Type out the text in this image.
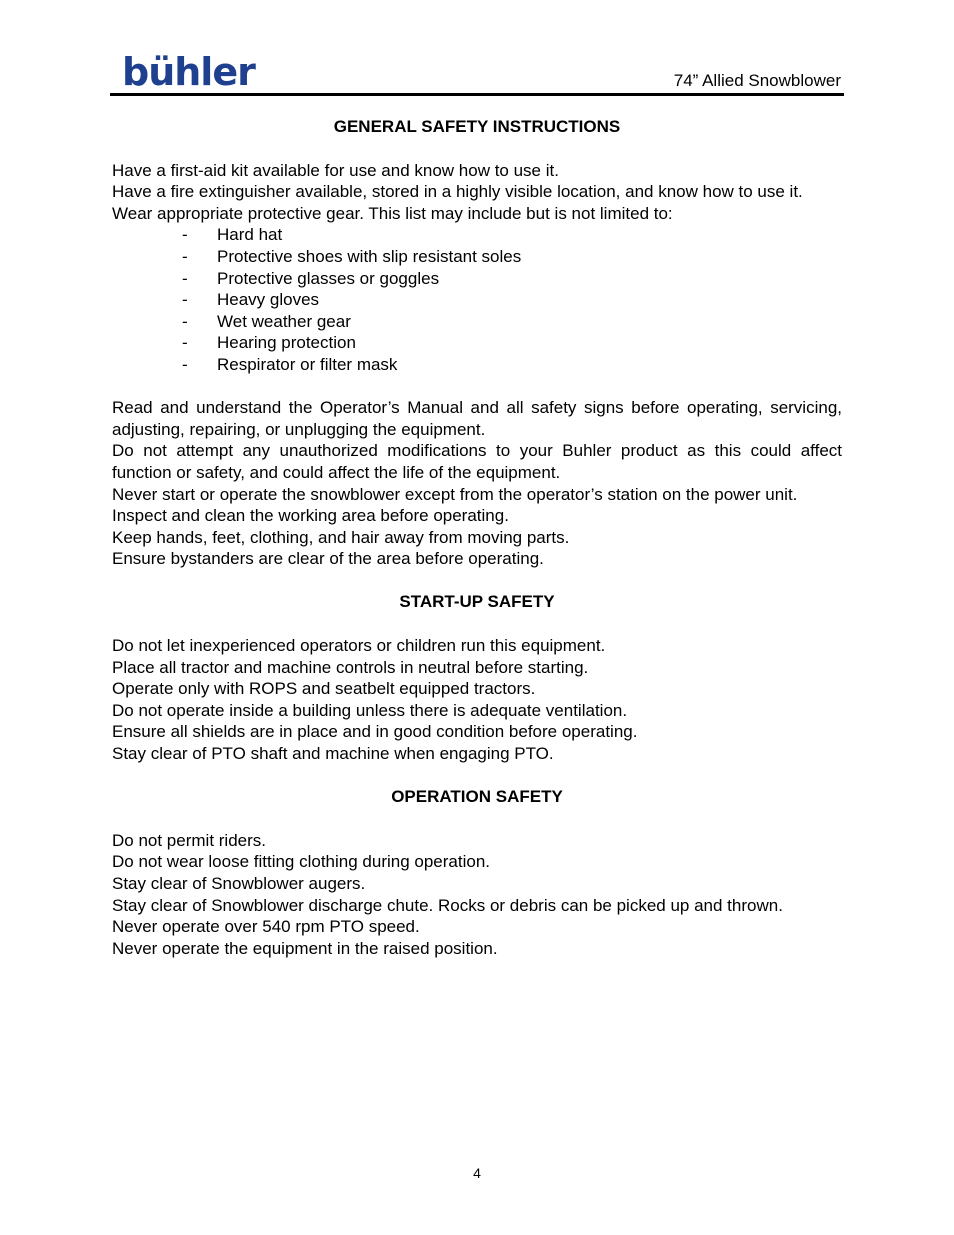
bühler	74” Allied Snowblower
GENERAL SAFETY INSTRUCTIONS

Have a first-aid kit available for use and know how to use it.

Have a fire extinguisher available, stored in a highly visible location, and know how to use it.

Wear appropriate protective gear. This list may include but is not limited to:

- Hard hat
- Protective shoes with slip resistant soles
- Protective glasses or goggles
- Heavy gloves
- Wet weather gear
- Hearing protection
- Respirator or filter mask

Read and understand the Operator’s Manual and all safety signs before operating, servicing, adjusting, repairing, or unplugging the equipment.

Do not attempt any unauthorized modifications to your Buhler product as this could affect function or safety, and could affect the life of the equipment.

Never start or operate the snowblower except from the operator’s station on the power unit.

Inspect and clean the working area before operating.

Keep hands, feet, clothing, and hair away from moving parts.

Ensure bystanders are clear of the area before operating.

START-UP SAFETY

Do not let inexperienced operators or children run this equipment.

Place all tractor and machine controls in neutral before starting.

Operate only with ROPS and seatbelt equipped tractors.

Do not operate inside a building unless there is adequate ventilation.

Ensure all shields are in place and in good condition before operating.

Stay clear of PTO shaft and machine when engaging PTO.

OPERATION SAFETY

Do not permit riders.

Do not wear loose fitting clothing during operation.

Stay clear of Snowblower augers.

Stay clear of Snowblower discharge chute. Rocks or debris can be picked up and thrown.

Never operate over 540 rpm PTO speed.

Never operate the equipment in the raised position.

4
